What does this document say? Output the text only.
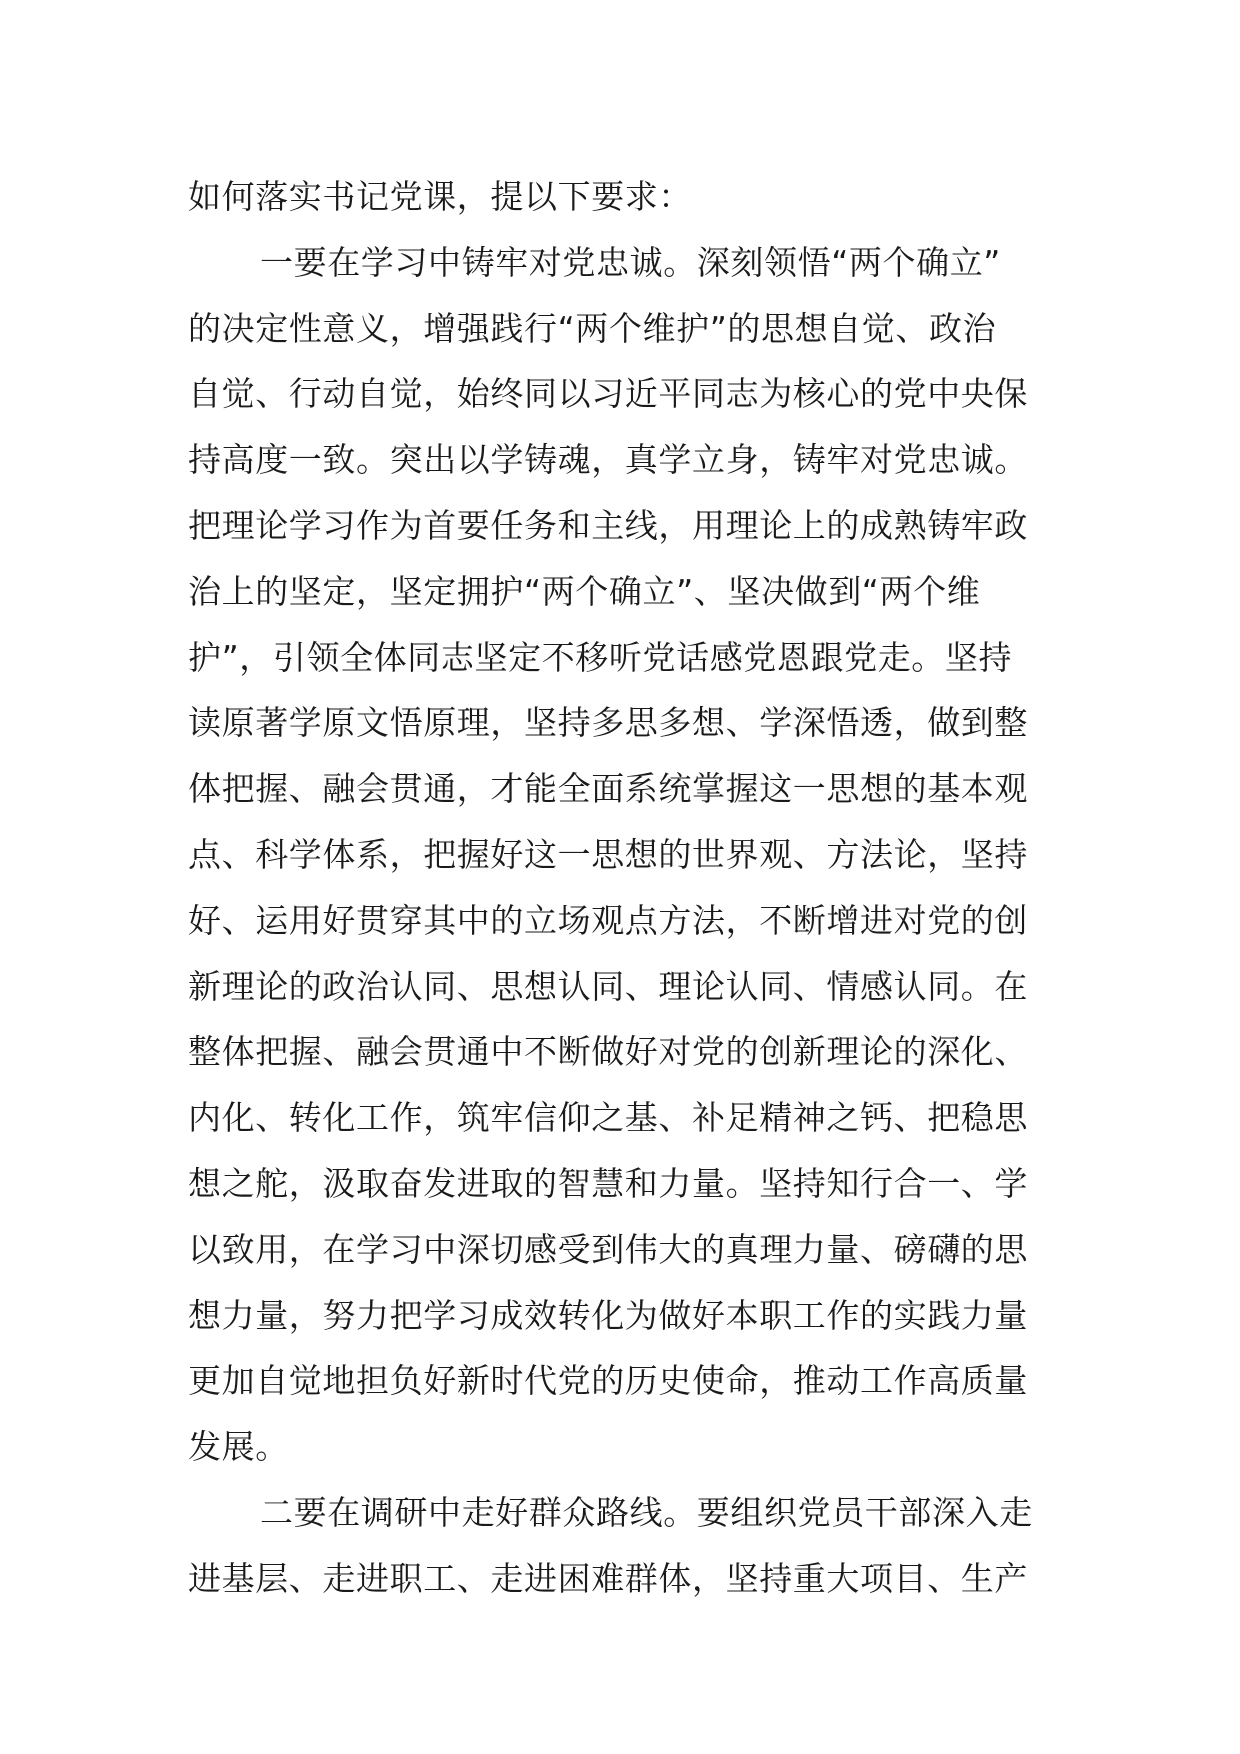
如何落实书记党课，提以下要求：
一要在学习中铸牢对党忠诚。深刻领悟“两个确立”
的决定性意义，增强践行“两个维护”的思想自觉、政治
自觉、行动自觉，始终同以习近平同志为核心的党中央保
持高度一致。突出以学铸魂，真学立身，铸牢对党忠诚。
把理论学习作为首要任务和主线，用理论上的成熟铸牢政
治上的坚定，坚定拥护“两个确立”、坚决做到“两个维
护”，引领全体同志坚定不移听党话感党恩跟党走。坚持
读原著学原文悟原理，坚持多思多想、学深悟透，做到整
体把握、融会贯通，才能全面系统掌握这一思想的基本观
点、科学体系，把握好这一思想的世界观、方法论，坚持
好、运用好贯穿其中的立场观点方法，不断增进对党的创
新理论的政治认同、思想认同、理论认同、情感认同。在
整体把握、融会贯通中不断做好对党的创新理论的深化、
内化、转化工作，筑牢信仰之基、补足精神之钙、把稳思
想之舵，汲取奋发进取的智慧和力量。坚持知行合一、学
以致用，在学习中深切感受到伟大的真理力量、磅礴的思
想力量，努力把学习成效转化为做好本职工作的实践力量
更加自觉地担负好新时代党的历史使命，推动工作高质量
发展。
二要在调研中走好群众路线。要组织党员干部深入走
进基层、走进职工、走进困难群体，坚持重大项目、生产
